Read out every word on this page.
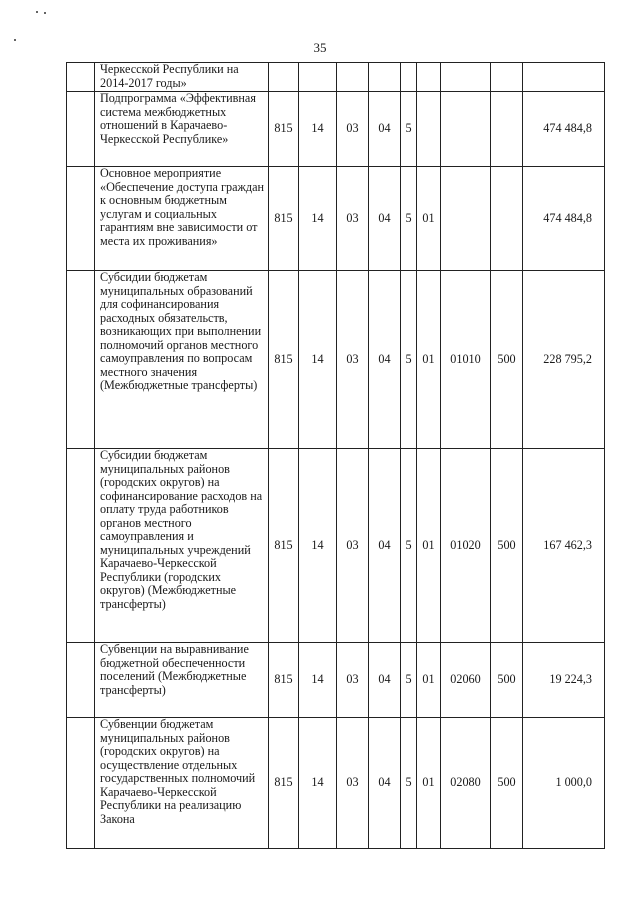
35
	Черкесской Республики на 2014-2017 годы»									
	Подпрограмма «Эффективная система межбюджетных отношений в Карачаево-Черкесской Республике»	815	14	03	04	5				474 484,8
	Основное мероприятие «Обеспечение доступа граждан к основным бюджетным услугам и социальных гарантиям вне зависимости от места их проживания»	815	14	03	04	5	01			474 484,8
	Субсидии бюджетам муниципальных образований для софинансирования расходных обязательств, возникающих при выполнении полномочий органов местного самоуправления по вопросам местного значения (Межбюджетные трансферты)	815	14	03	04	5	01	01010	500	228 795,2
	Субсидии бюджетам муниципальных районов (городских округов) на софинансирование расходов на оплату труда работников органов местного самоуправления и муниципальных учреждений Карачаево-Черкесской Республики (городских округов) (Межбюджетные трансферты)	815	14	03	04	5	01	01020	500	167 462,3
	Субвенции на выравнивание бюджетной обеспеченности поселений (Межбюджетные трансферты)	815	14	03	04	5	01	02060	500	19 224,3
	Субвенции бюджетам муниципальных районов (городских округов) на осуществление отдельных государственных полномочий Карачаево-Черкесской Республики на реализацию Закона	815	14	03	04	5	01	02080	500	1 000,0
